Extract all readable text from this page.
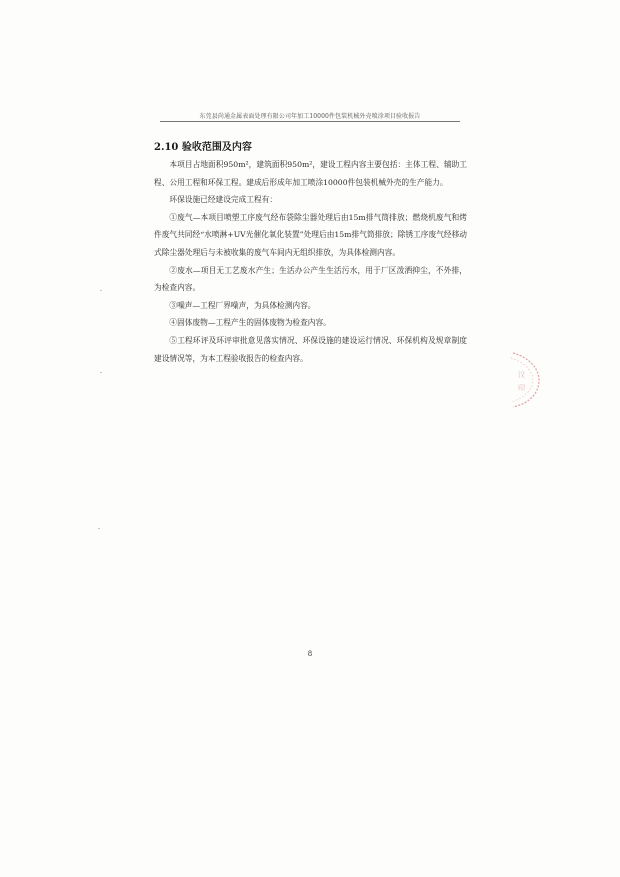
东莞县尚通金属表面处理有限公司年加工10000件包装机械外壳喷涂项目验收报告
2.10 验收范围及内容

本项目占地面积950m²，建筑面积950m²，建设工程内容主要包括：主体工程、辅助工程、公用工程和环保工程。建成后形成年加工喷涂10000件包装机械外壳的生产能力。

环保设施已经建设完成工程有：

①废气—本项目喷塑工序废气经布袋除尘器处理后由15m排气筒排放；燃烧机废气和烤件废气共同经“水喷淋+UV光催化氧化装置”处理后由15m排气筒排放；除锈工序废气经移动式除尘器处理后与未被收集的废气车间内无组织排放，为具体检测内容。

②废水—项目无工艺废水产生；生活办公产生生活污水，用于厂区泼洒抑尘，不外排，为检查内容。

③噪声—工程厂界噪声，为具体检测内容。

④固体废物—工程产生的固体废物为检查内容。

⑤工程环评及环评审批意见落实情况、环保设施的建设运行情况、环保机构及规章制度建设情况等，为本工程验收报告的检查内容。

8
汉
印
